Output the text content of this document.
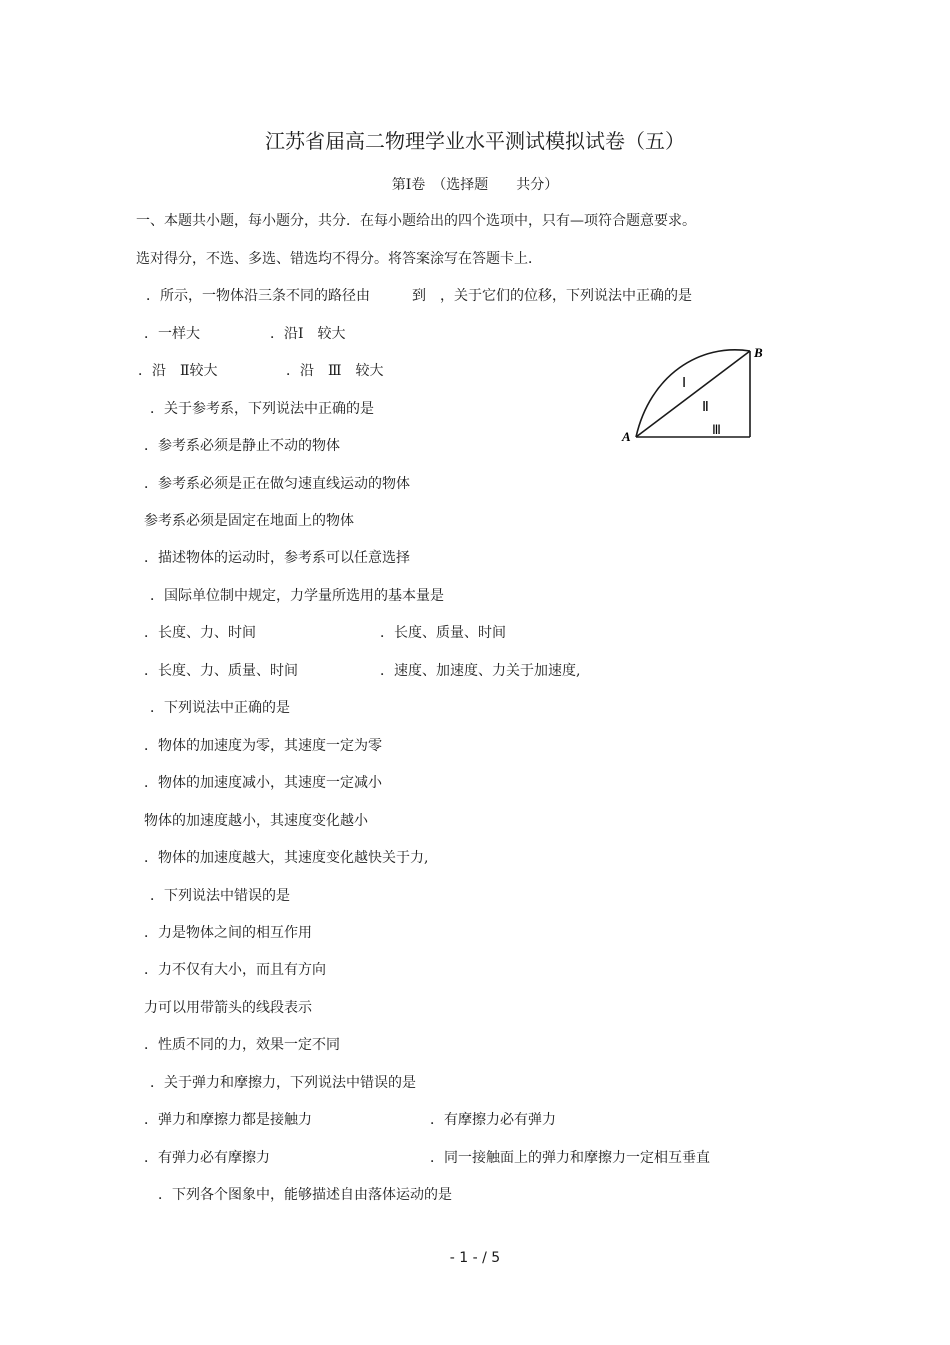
江苏省届高二物理学业水平测试模拟试卷（五）
第Ⅰ卷　（选择题　　共分）
一、本题共小题，每小题分，共分．在每小题给出的四个选项中，只有—项符合题意要求。
选对得分，不选、多选、错选均不得分。将答案涂写在答题卡上．
．所示，一物体沿三条不同的路径由　　　到　，关于它们的位移，下列说法中正确的是
．一样大	．沿Ⅰ　较大
．沿　Ⅱ较大	．沿　Ⅲ　较大
．关于参考系，下列说法中正确的是
．参考系必须是静止不动的物体
．参考系必须是正在做匀速直线运动的物体
参考系必须是固定在地面上的物体
．描述物体的运动时，参考系可以任意选择
．国际单位制中规定，力学量所选用的基本量是
．长度、力、时间	．长度、质量、时间
．长度、力、质量、时间	．速度、加速度、力关于加速度,
．下列说法中正确的是
．物体的加速度为零，其速度一定为零
．物体的加速度减小，其速度一定减小
物体的加速度越小，其速度变化越小
．物体的加速度越大，其速度变化越快关于力,
．下列说法中错误的是
．力是物体之间的相互作用
．力不仅有大小，而且有方向
力可以用带箭头的线段表示
．性质不同的力，效果一定不同
．关于弹力和摩擦力，下列说法中错误的是
．弹力和摩擦力都是接触力	．有摩擦力必有弹力
．有弹力必有摩擦力	．同一接触面上的弹力和摩擦力一定相互垂直
．下列各个图象中，能够描述自由落体运动的是
A
B
Ⅰ
Ⅱ
Ⅲ
- 1 - / 5
